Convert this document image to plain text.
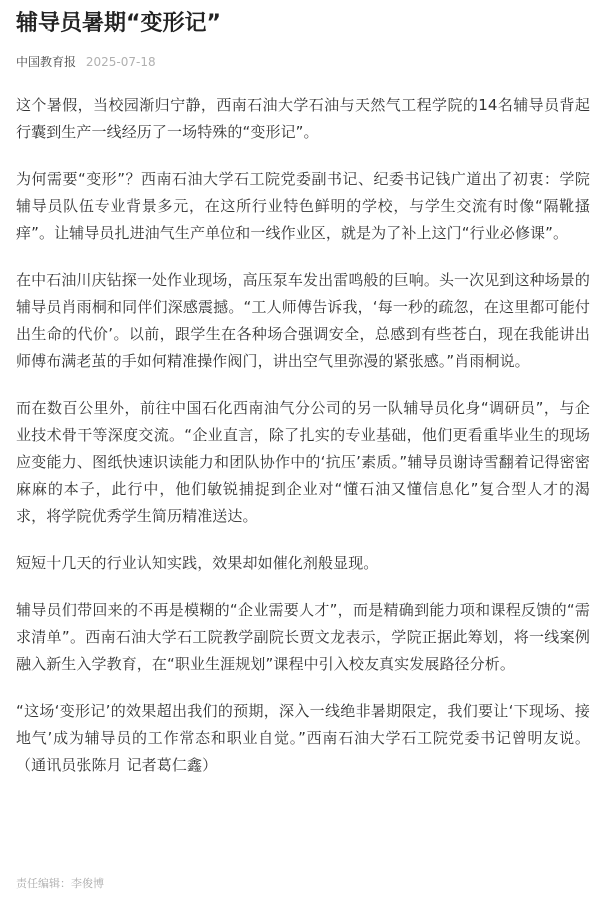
辅导员暑期“变形记”
中国教育报 2025-07-18

这个暑假，当校园渐归宁静，西南石油大学石油与天然气工程学院的14名辅导员背起行囊到生产一线经历了一场特殊的“变形记”。

为何需要“变形”？西南石油大学石工院党委副书记、纪委书记钱广道出了初衷：学院辅导员队伍专业背景多元，在这所行业特色鲜明的学校，与学生交流有时像“隔靴搔痒”。让辅导员扎进油气生产单位和一线作业区，就是为了补上这门“行业必修课”。

在中石油川庆钻探一处作业现场，高压泵车发出雷鸣般的巨响。头一次见到这种场景的辅导员肖雨桐和同伴们深感震撼。“工人师傅告诉我，‘每一秒的疏忽，在这里都可能付出生命的代价’。以前，跟学生在各种场合强调安全，总感到有些苍白，现在我能讲出师傅布满老茧的手如何精准操作阀门，讲出空气里弥漫的紧张感。”肖雨桐说。

而在数百公里外，前往中国石化西南油气分公司的另一队辅导员化身“调研员”，与企业技术骨干等深度交流。“企业直言，除了扎实的专业基础，他们更看重毕业生的现场应变能力、图纸快速识读能力和团队协作中的‘抗压’素质。”辅导员谢诗雪翻着记得密密麻麻的本子，此行中，他们敏锐捕捉到企业对“懂石油又懂信息化”复合型人才的渴求，将学院优秀学生简历精准送达。

短短十几天的行业认知实践，效果却如催化剂般显现。

辅导员们带回来的不再是模糊的“企业需要人才”，而是精确到能力项和课程反馈的“需求清单”。西南石油大学石工院教学副院长贾文龙表示，学院正据此筹划，将一线案例融入新生入学教育，在“职业生涯规划”课程中引入校友真实发展路径分析。

“这场‘变形记’的效果超出我们的预期，深入一线绝非暑期限定，我们要让‘下现场、接地气’成为辅导员的工作常态和职业自觉。”西南石油大学石工院党委书记曾明友说。 （通讯员张陈月 记者葛仁鑫）

责任编辑：李俊博
